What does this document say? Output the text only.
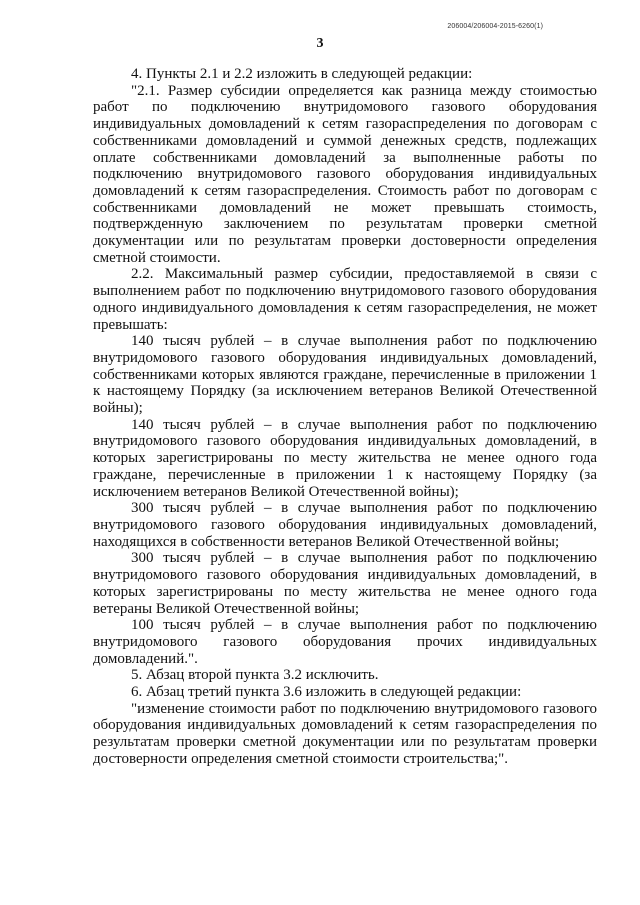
206004/206004-2015-6260(1)
3

4. Пункты 2.1 и 2.2 изложить в следующей редакции:

"2.1. Размер субсидии определяется как разница между стоимостью работ по подключению внутридомового газового оборудования индивидуальных домовладений к сетям газораспределения по договорам с собственниками домовладений и суммой денежных средств, подлежащих оплате собственниками домовладений за выполненные работы по подключению внутридомового газового оборудования индивидуальных домовладений к сетям газораспределения. Стоимость работ по договорам с собственниками домовладений не может превышать стоимость, подтвержденную заключением по результатам проверки сметной документации или по результатам проверки достоверности определения сметной стоимости.

2.2. Максимальный размер субсидии, предоставляемой в связи с выполнением работ по подключению внутридомового газового оборудования одного индивидуального домовладения к сетям газораспределения, не может превышать:

140 тысяч рублей – в случае выполнения работ по подключению внутридомового газового оборудования индивидуальных домовладений, собственниками которых являются граждане, перечисленные в приложении 1 к настоящему Порядку (за исключением ветеранов Великой Отечественной войны);

140 тысяч рублей – в случае выполнения работ по подключению внутридомового газового оборудования индивидуальных домовладений, в которых зарегистрированы по месту жительства не менее одного года граждане, перечисленные в приложении 1 к настоящему Порядку (за исключением ветеранов Великой Отечественной войны);

300 тысяч рублей – в случае выполнения работ по подключению внутридомового газового оборудования индивидуальных домовладений, находящихся в собственности ветеранов Великой Отечественной войны;

300 тысяч рублей – в случае выполнения работ по подключению внутридомового газового оборудования индивидуальных домовладений, в которых зарегистрированы по месту жительства не менее одного года ветераны Великой Отечественной войны;

100 тысяч рублей – в случае выполнения работ по подключению внутридомового газового оборудования прочих индивидуальных домовладений.".

5. Абзац второй пункта 3.2 исключить.

6. Абзац третий пункта 3.6 изложить в следующей редакции:

"изменение стоимости работ по подключению внутридомового газового оборудования индивидуальных домовладений к сетям газораспределения по результатам проверки сметной документации или по результатам проверки достоверности определения сметной стоимости строительства;".
